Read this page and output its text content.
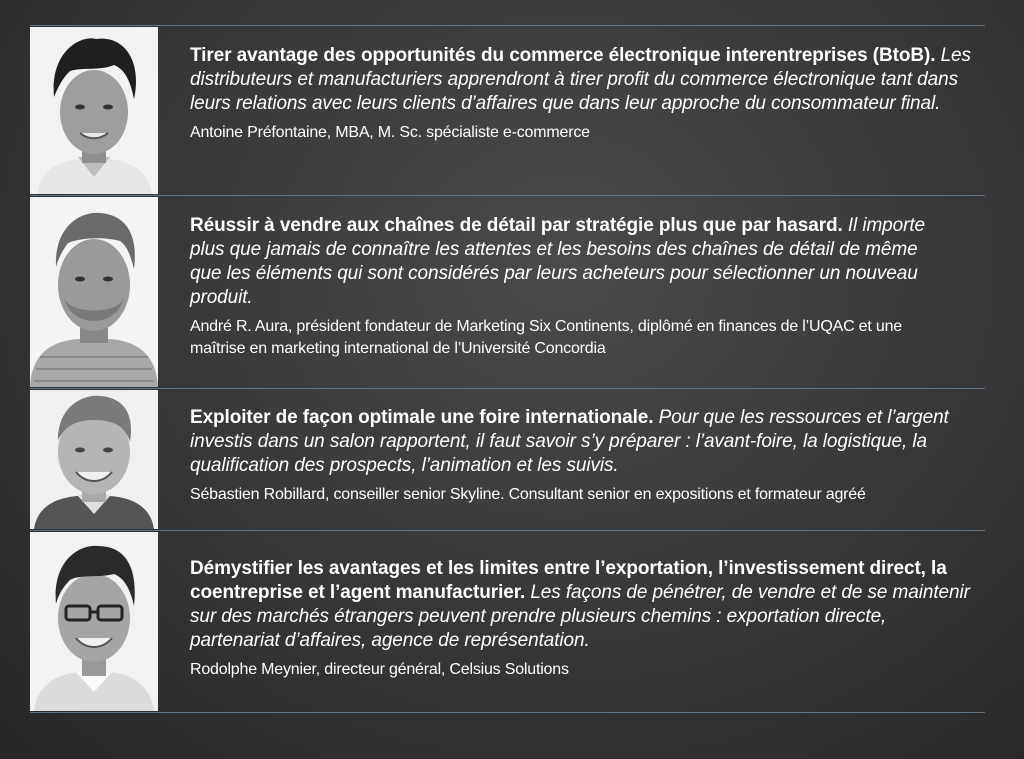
Tirer avantage des opportunités du commerce électronique interentreprises (BtoB). Les distributeurs et manufacturiers apprendront à tirer profit du commerce électronique tant dans leurs relations avec leurs clients d’affaires que dans leur approche du consommateur final.
Antoine Préfontaine, MBA, M. Sc. spécialiste e-commerce
Réussir à vendre aux chaînes de détail par stratégie plus que par hasard. Il importe plus que jamais de connaître les attentes et les besoins des chaînes de détail de même que les éléments qui sont considérés par leurs acheteurs pour sélectionner un nouveau produit.
André R. Aura, président fondateur de Marketing Six Continents, diplômé en finances de l’UQAC et une maîtrise en marketing international de l’Université Concordia
Exploiter de façon optimale une foire internationale. Pour que les ressources et l’argent investis dans un salon rapportent, il faut savoir s’y préparer : l’avant-foire, la logistique, la qualification des prospects, l’animation et les suivis.
Sébastien Robillard, conseiller senior Skyline. Consultant senior en expositions et formateur agréé
Démystifier les avantages et les limites entre l’exportation, l’investissement direct, la coentreprise et l’agent manufacturier. Les façons de pénétrer, de vendre et de se maintenir sur des marchés étrangers peuvent prendre plusieurs chemins : exportation directe, partenariat d’affaires, agence de représentation.
Rodolphe Meynier, directeur général, Celsius Solutions
